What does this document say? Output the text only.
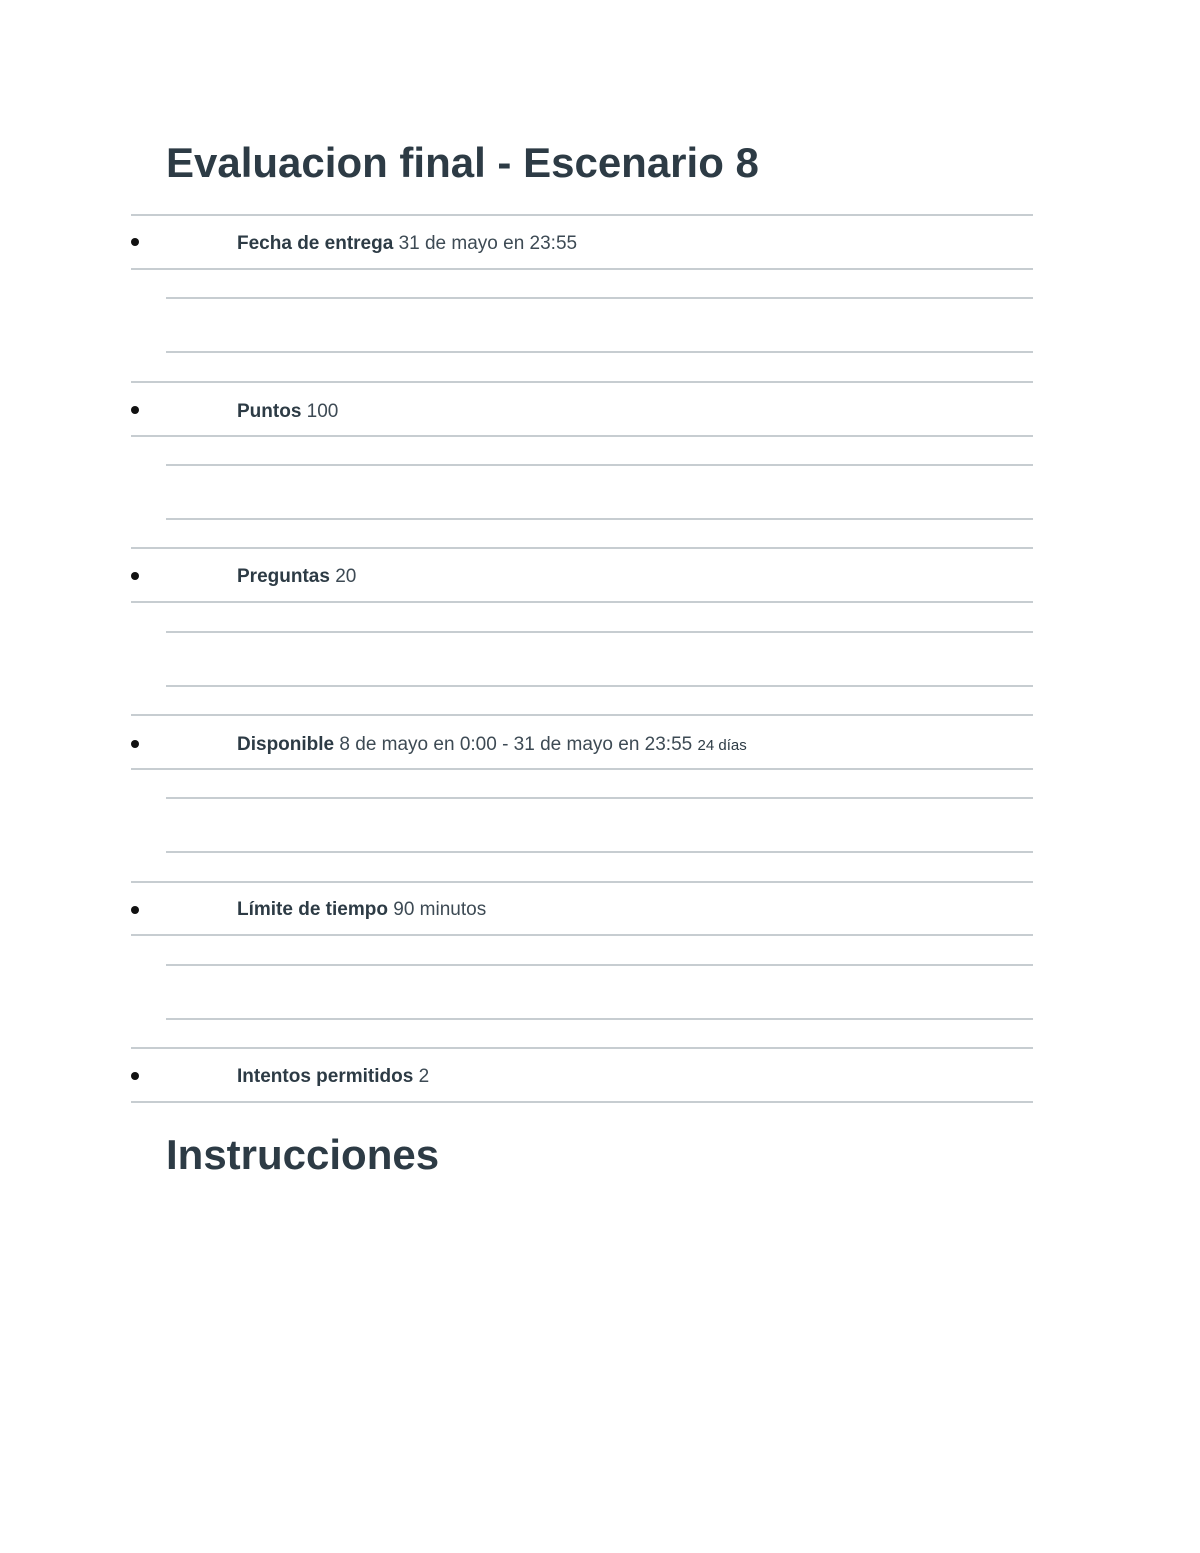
Evaluacion final - Escenario 8
Fecha de entrega 31 de mayo en 23:55
Puntos 100
Preguntas 20
Disponible 8 de mayo en 0:00 - 31 de mayo en 23:55 24 días
Límite de tiempo 90 minutos
Intentos permitidos 2
Instrucciones
